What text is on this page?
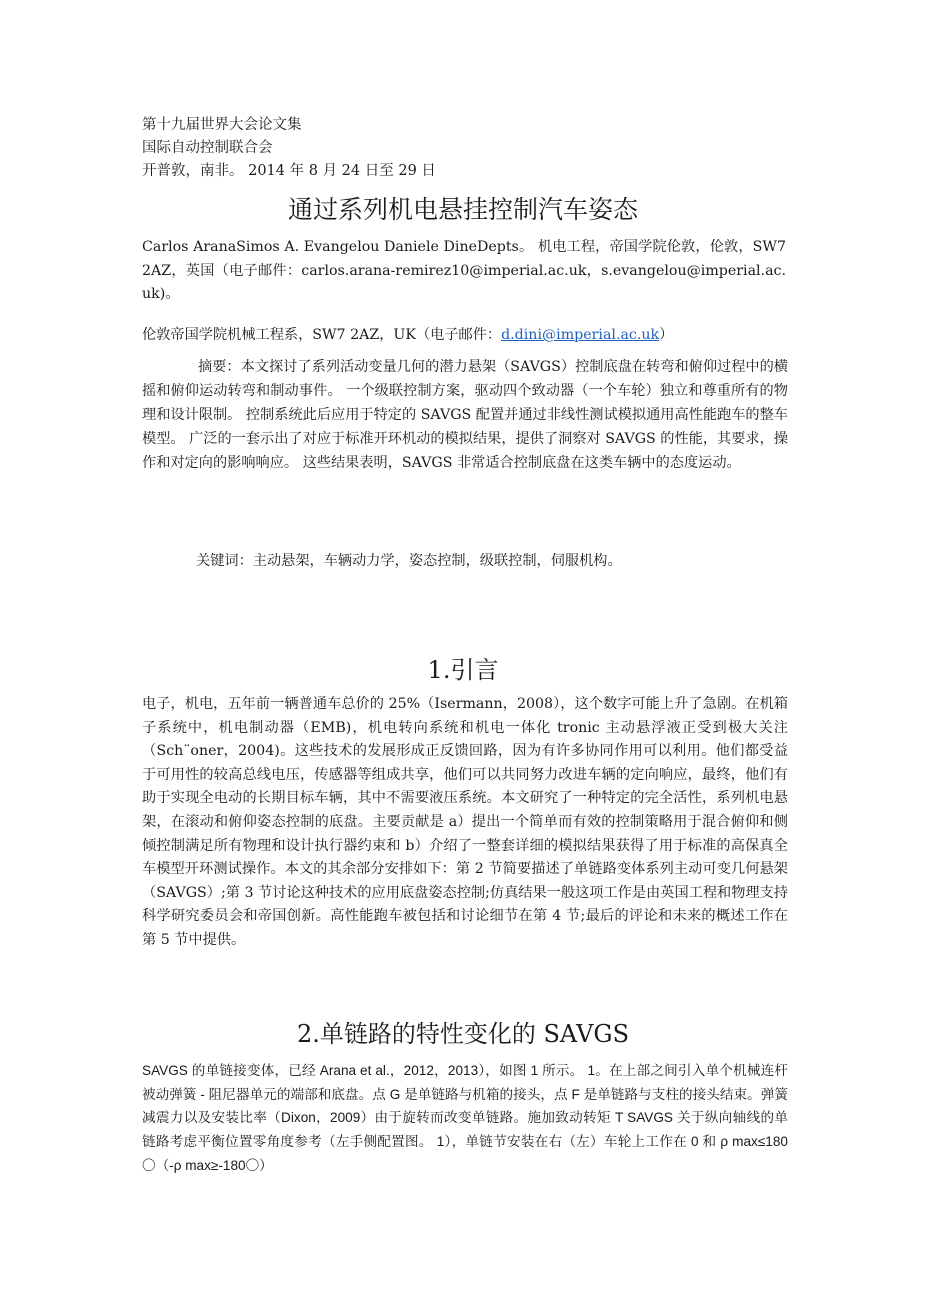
第十九届世界大会论文集
国际自动控制联合会
开普敦，南非。 2014 年 8 月 24 日至 29 日
通过系列机电悬挂控制汽车姿态
Carlos AranaSimos A. Evangelou Daniele DineDepts。 机电工程，帝国学院伦敦，伦敦，SW7 2AZ，英国（电子邮件：carlos.arana-remirez10@imperial.ac.uk，s.evangelou@imperial.ac.uk)。
伦敦帝国学院机械工程系，SW7 2AZ，UK（电子邮件：d.dini@imperial.ac.uk）
摘要：本文探讨了系列活动变量几何的潜力悬架（SAVGS）控制底盘在转弯和俯仰过程中的横摇和俯仰运动转弯和制动事件。 一个级联控制方案，驱动四个致动器（一个车轮）独立和尊重所有的物理和设计限制。 控制系统此后应用于特定的 SAVGS 配置并通过非线性测试模拟通用高性能跑车的整车模型。 广泛的一套示出了对应于标准开环机动的模拟结果，提供了洞察对 SAVGS 的性能，其要求，操作和对定向的影响响应。 这些结果表明，SAVGS 非常适合控制底盘在这类车辆中的态度运动。
关键词：主动悬架，车辆动力学，姿态控制，级联控制，伺服机构。
1.引言
电子，机电，五年前一辆普通车总价的 25%（Isermann，2008），这个数字可能上升了急剧。在机箱子系统中，机电制动器（EMB)，机电转向系统和机电一体化 tronic 主动悬浮液正受到极大关注（Sch¨oner，2004)。这些技术的发展形成正反馈回路，因为有许多协同作用可以利用。他们都受益于可用性的较高总线电压，传感器等组成共享，他们可以共同努力改进车辆的定向响应，最终，他们有助于实现全电动的长期目标车辆，其中不需要液压系统。本文研究了一种特定的完全活性，系列机电悬架，在滚动和俯仰姿态控制的底盘。主要贡献是 a）提出一个简单而有效的控制策略用于混合俯仰和侧倾控制满足所有物理和设计执行器约束和 b）介绍了一整套详细的模拟结果获得了用于标准的高保真全车模型开环测试操作。本文的其余部分安排如下：第 2 节简要描述了单链路变体系列主动可变几何悬架（SAVGS）;第 3 节讨论这种技术的应用底盘姿态控制;仿真结果一般这项工作是由英国工程和物理支持科学研究委员会和帝国创新。高性能跑车被包括和讨论细节在第 4 节;最后的评论和未来的概述工作在第 5 节中提供。
2.单链路的特性变化的 SAVGS
SAVGS 的单链接变体，已经 Arana et al.，2012，2013），如图 1 所示。 1。在上部之间引入单个机械连杆被动弹簧 - 阻尼器单元的端部和底盘。点 G 是单链路与机箱的接头，点 F 是单链路与支柱的接头结束。弹簧减震力以及安装比率（Dixon，2009）由于旋转而改变单链路。施加致动转矩 T SAVGS 关于纵向轴线的单链路考虑平衡位置零角度参考（左手侧配置图。 1），单链节安装在右（左）车轮上工作在 0 和 ρ max≤180〇（-ρ max≥-180〇）
